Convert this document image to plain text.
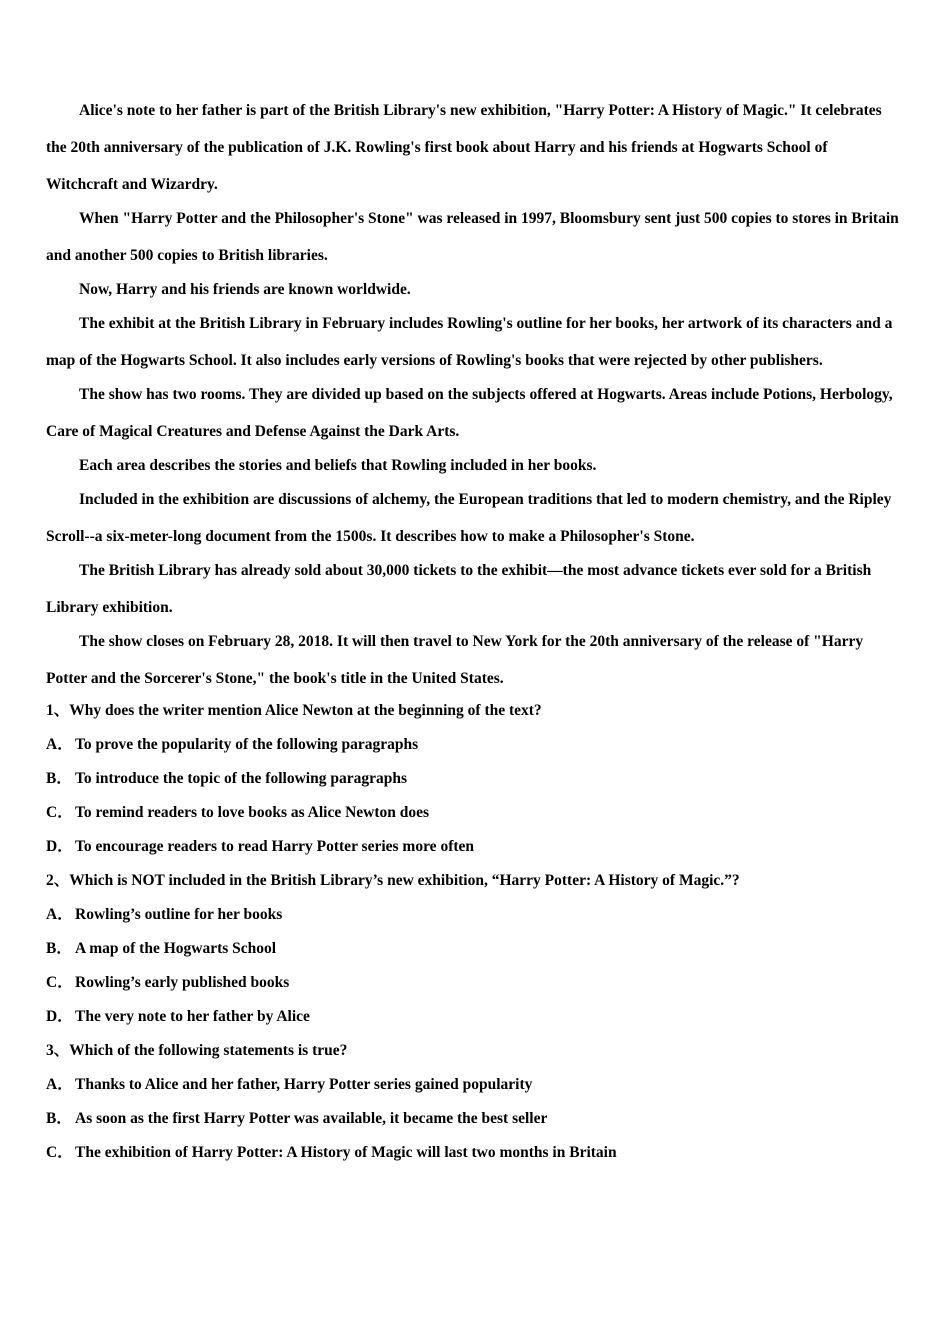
Alice's note to her father is part of the British Library's new exhibition, "Harry Potter: A History of Magic." It celebrates the 20th anniversary of the publication of J.K. Rowling's first book about Harry and his friends at Hogwarts School of Witchcraft and Wizardry.

When "Harry Potter and the Philosopher's Stone" was released in 1997, Bloomsbury sent just 500 copies to stores in Britain and another 500 copies to British libraries.

Now, Harry and his friends are known worldwide.

The exhibit at the British Library in February includes Rowling's outline for her books, her artwork of its characters and a map of the Hogwarts School. It also includes early versions of Rowling's books that were rejected by other publishers.

The show has two rooms. They are divided up based on the subjects offered at Hogwarts. Areas include Potions, Herbology, Care of Magical Creatures and Defense Against the Dark Arts.

Each area describes the stories and beliefs that Rowling included in her books.

Included in the exhibition are discussions of alchemy, the European traditions that led to modern chemistry, and the Ripley Scroll--a six-meter-long document from the 1500s. It describes how to make a Philosopher's Stone.

The British Library has already sold about 30,000 tickets to the exhibit—the most advance tickets ever sold for a British Library exhibition.

The show closes on February 28, 2018. It will then travel to New York for the 20th anniversary of the release of "Harry Potter and the Sorcerer's Stone," the book's title in the United States.

1、Why does the writer mention Alice Newton at the beginning of the text?
A． To prove the popularity of the following paragraphs
B． To introduce the topic of the following paragraphs
C． To remind readers to love books as Alice Newton does
D． To encourage readers to read Harry Potter series more often
2、Which is NOT included in the British Library’s new exhibition, “Harry Potter: A History of Magic.”?
A． Rowling’s outline for her books
B． A map of the Hogwarts School
C． Rowling’s early published books
D． The very note to her father by Alice
3、Which of the following statements is true?
A． Thanks to Alice and her father, Harry Potter series gained popularity
B． As soon as the first Harry Potter was available, it became the best seller
C． The exhibition of Harry Potter: A History of Magic will last two months in Britain
